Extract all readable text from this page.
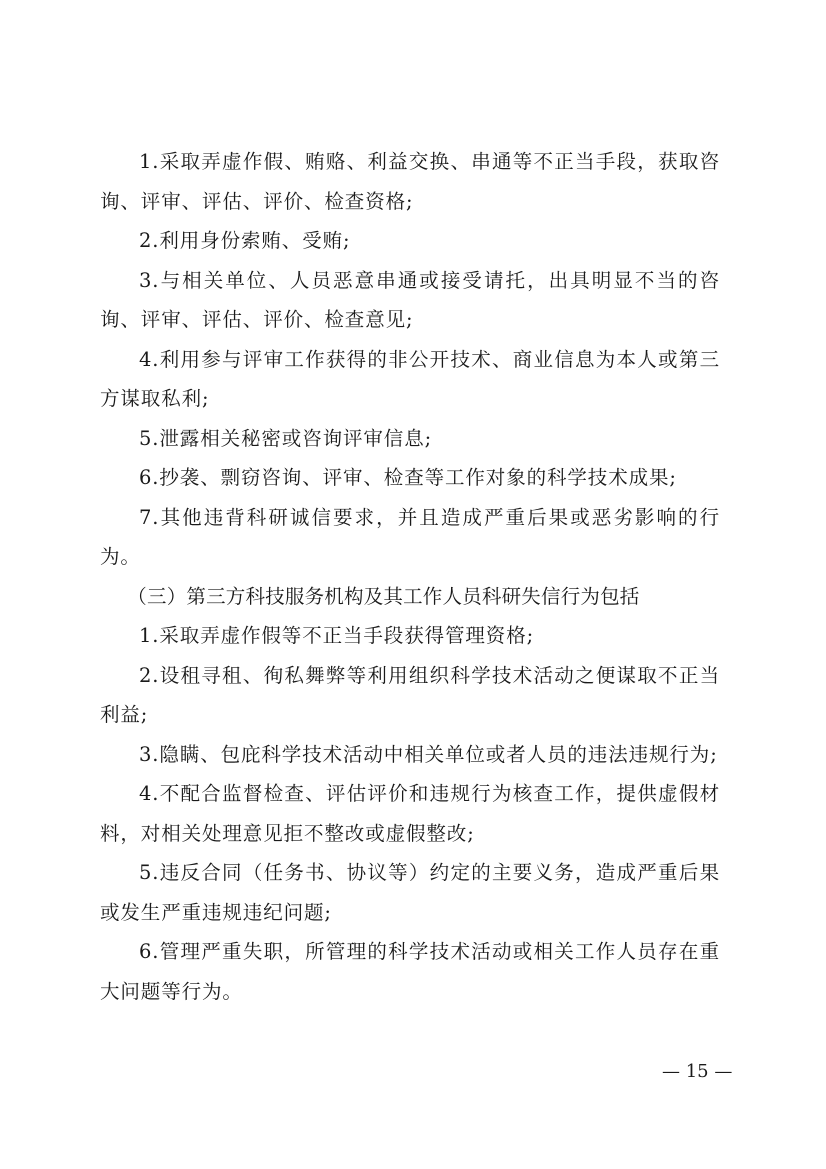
1.采取弄虚作假、贿赂、利益交换、串通等不正当手段，获取咨询、评审、评估、评价、检查资格;

2.利用身份索贿、受贿;

3.与相关单位、人员恶意串通或接受请托，出具明显不当的咨询、评审、评估、评价、检查意见;

4.利用参与评审工作获得的非公开技术、商业信息为本人或第三方谋取私利;

5.泄露相关秘密或咨询评审信息;

6.抄袭、剽窃咨询、评审、检查等工作对象的科学技术成果;

7.其他违背科研诚信要求，并且造成严重后果或恶劣影响的行为。

（三）第三方科技服务机构及其工作人员科研失信行为包括

1.采取弄虚作假等不正当手段获得管理资格;

2.设租寻租、徇私舞弊等利用组织科学技术活动之便谋取不正当利益;

3.隐瞒、包庇科学技术活动中相关单位或者人员的违法违规行为;

4.不配合监督检查、评估评价和违规行为核查工作，提供虚假材料，对相关处理意见拒不整改或虚假整改;

5.违反合同（任务书、协议等）约定的主要义务，造成严重后果或发生严重违规违纪问题;

6.管理严重失职，所管理的科学技术活动或相关工作人员存在重大问题等行为。

— 15 —
